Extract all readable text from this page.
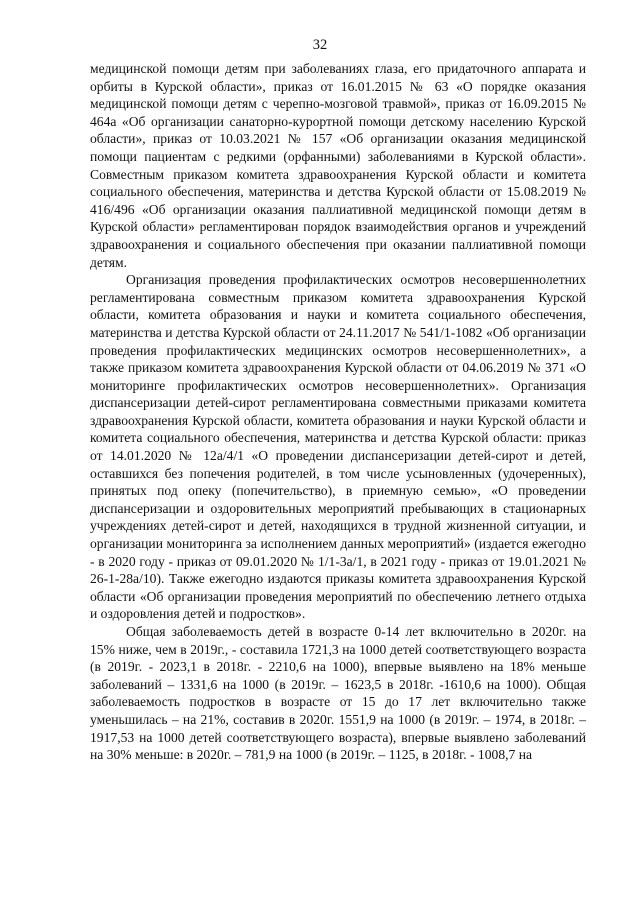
32

медицинской помощи детям при заболеваниях глаза, его придаточного аппарата и орбиты в Курской области», приказ от 16.01.2015 № 63 «О порядке оказания медицинской помощи детям с черепно-мозговой травмой», приказ от 16.09.2015 № 464а «Об организации санаторно-курортной помощи детскому населению Курской области», приказ от 10.03.2021 № 157 «Об организации оказания медицинской помощи пациентам с редкими (орфанными) заболеваниями в Курской области». Совместным приказом комитета здравоохранения Курской области и комитета социального обеспечения, материнства и детства Курской области от 15.08.2019 № 416/496 «Об организации оказания паллиативной медицинской помощи детям в Курской области» регламентирован порядок взаимодействия органов и учреждений здравоохранения и социального обеспечения при оказании паллиативной помощи детям.

Организация проведения профилактических осмотров несовершеннолетних регламентирована совместным приказом комитета здравоохранения Курской области, комитета образования и науки и комитета социального обеспечения, материнства и детства Курской области от 24.11.2017 № 541/1-1082 «Об организации проведения профилактических медицинских осмотров несовершеннолетних», а также приказом комитета здравоохранения Курской области от 04.06.2019 № 371 «О мониторинге профилактических осмотров несовершеннолетних». Организация диспансеризации детей-сирот регламентирована совместными приказами комитета здравоохранения Курской области, комитета образования и науки Курской области и комитета социального обеспечения, материнства и детства Курской области: приказ от 14.01.2020 № 12а/4/1 «О проведении диспансеризации детей-сирот и детей, оставшихся без попечения родителей, в том числе усыновленных (удочеренных), принятых под опеку (попечительство), в приемную семью», «О проведении диспансеризации и оздоровительных мероприятий пребывающих в стационарных учреждениях детей-сирот и детей, находящихся в трудной жизненной ситуации, и организации мониторинга за исполнением данных мероприятий» (издается ежегодно - в 2020 году - приказ от 09.01.2020 № 1/1-3а/1, в 2021 году - приказ от 19.01.2021 № 26-1-28а/10). Также ежегодно издаются приказы комитета здравоохранения Курской области «Об организации проведения мероприятий по обеспечению летнего отдыха и оздоровления детей и подростков».

Общая заболеваемость детей в возрасте 0-14 лет включительно в 2020г. на 15% ниже, чем в 2019г., - составила 1721,3 на 1000 детей соответствующего возраста (в 2019г. - 2023,1 в 2018г. - 2210,6 на 1000), впервые выявлено на 18% меньше заболеваний – 1331,6 на 1000 (в 2019г. – 1623,5 в 2018г. -1610,6 на 1000). Общая заболеваемость подростков в возрасте от 15 до 17 лет включительно также уменьшилась – на 21%, составив в 2020г. 1551,9 на 1000 (в 2019г. – 1974, в 2018г. – 1917,53 на 1000 детей соответствующего возраста), впервые выявлено заболеваний на 30% меньше: в 2020г. – 781,9 на 1000 (в 2019г. – 1125, в 2018г. - 1008,7 на
